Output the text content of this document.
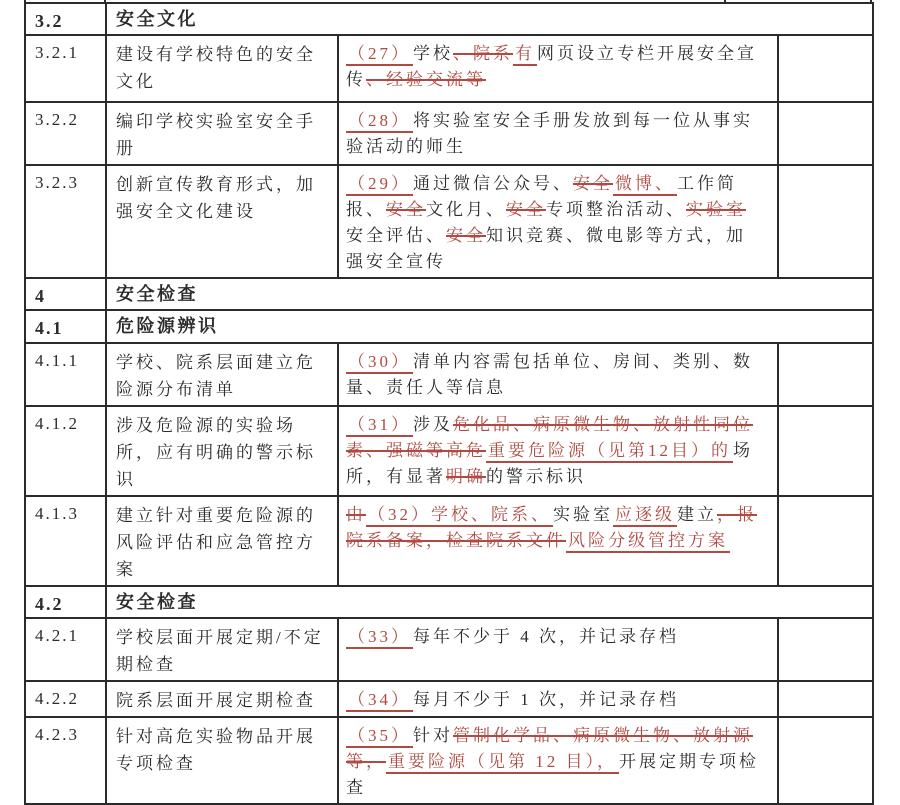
3.2	安全文化		
3.2.1	建设有学校特色的安全文化	（27） 学校、院系 有 网页设立专栏开展安全宣传、经验交流等	
3.2.2	编印学校实验室安全手册	（28） 将实验室安全手册发放到每一位从事实验活动的师生	
3.2.3	创新宣传教育形式，加强安全文化建设	（29） 通过微信公众号、安全 微博、 工作简报、安全文化月、安全专项整治活动、实验室安全评估、安全知识竞赛、微电影等方式，加强安全宣传	
4	安全检查		
4.1	危险源辨识		
4.1.1	学校、院系层面建立危险源分布清单	（30） 清单内容需包括单位、房间、类别、数量、责任人等信息	
4.1.2	涉及危险源的实验场所，应有明确的警示标识	（31） 涉及危化品、病原微生物、放射性同位素、强磁等高危 重要危险源（见第12目）的 场所，有显著明确的警示标识	
4.1.3	建立针对重要危险源的风险评估和应急管控方案	由 （32）学校、院系、 实验室 应逐级 建立，报院系备案，检查院系文件 风险分级管控方案	
4.2	安全检查		
4.2.1	学校层面开展定期/不定期检查	（33） 每年不少于 4 次，并记录存档	
4.2.2	院系层面开展定期检查	（34） 每月不少于 1 次，并记录存档	
4.2.3	针对高危实验物品开展专项检查	（35） 针对管制化学品、病原微生物、放射源等， 重要险源（见第 12 目）， 开展定期专项检查	
